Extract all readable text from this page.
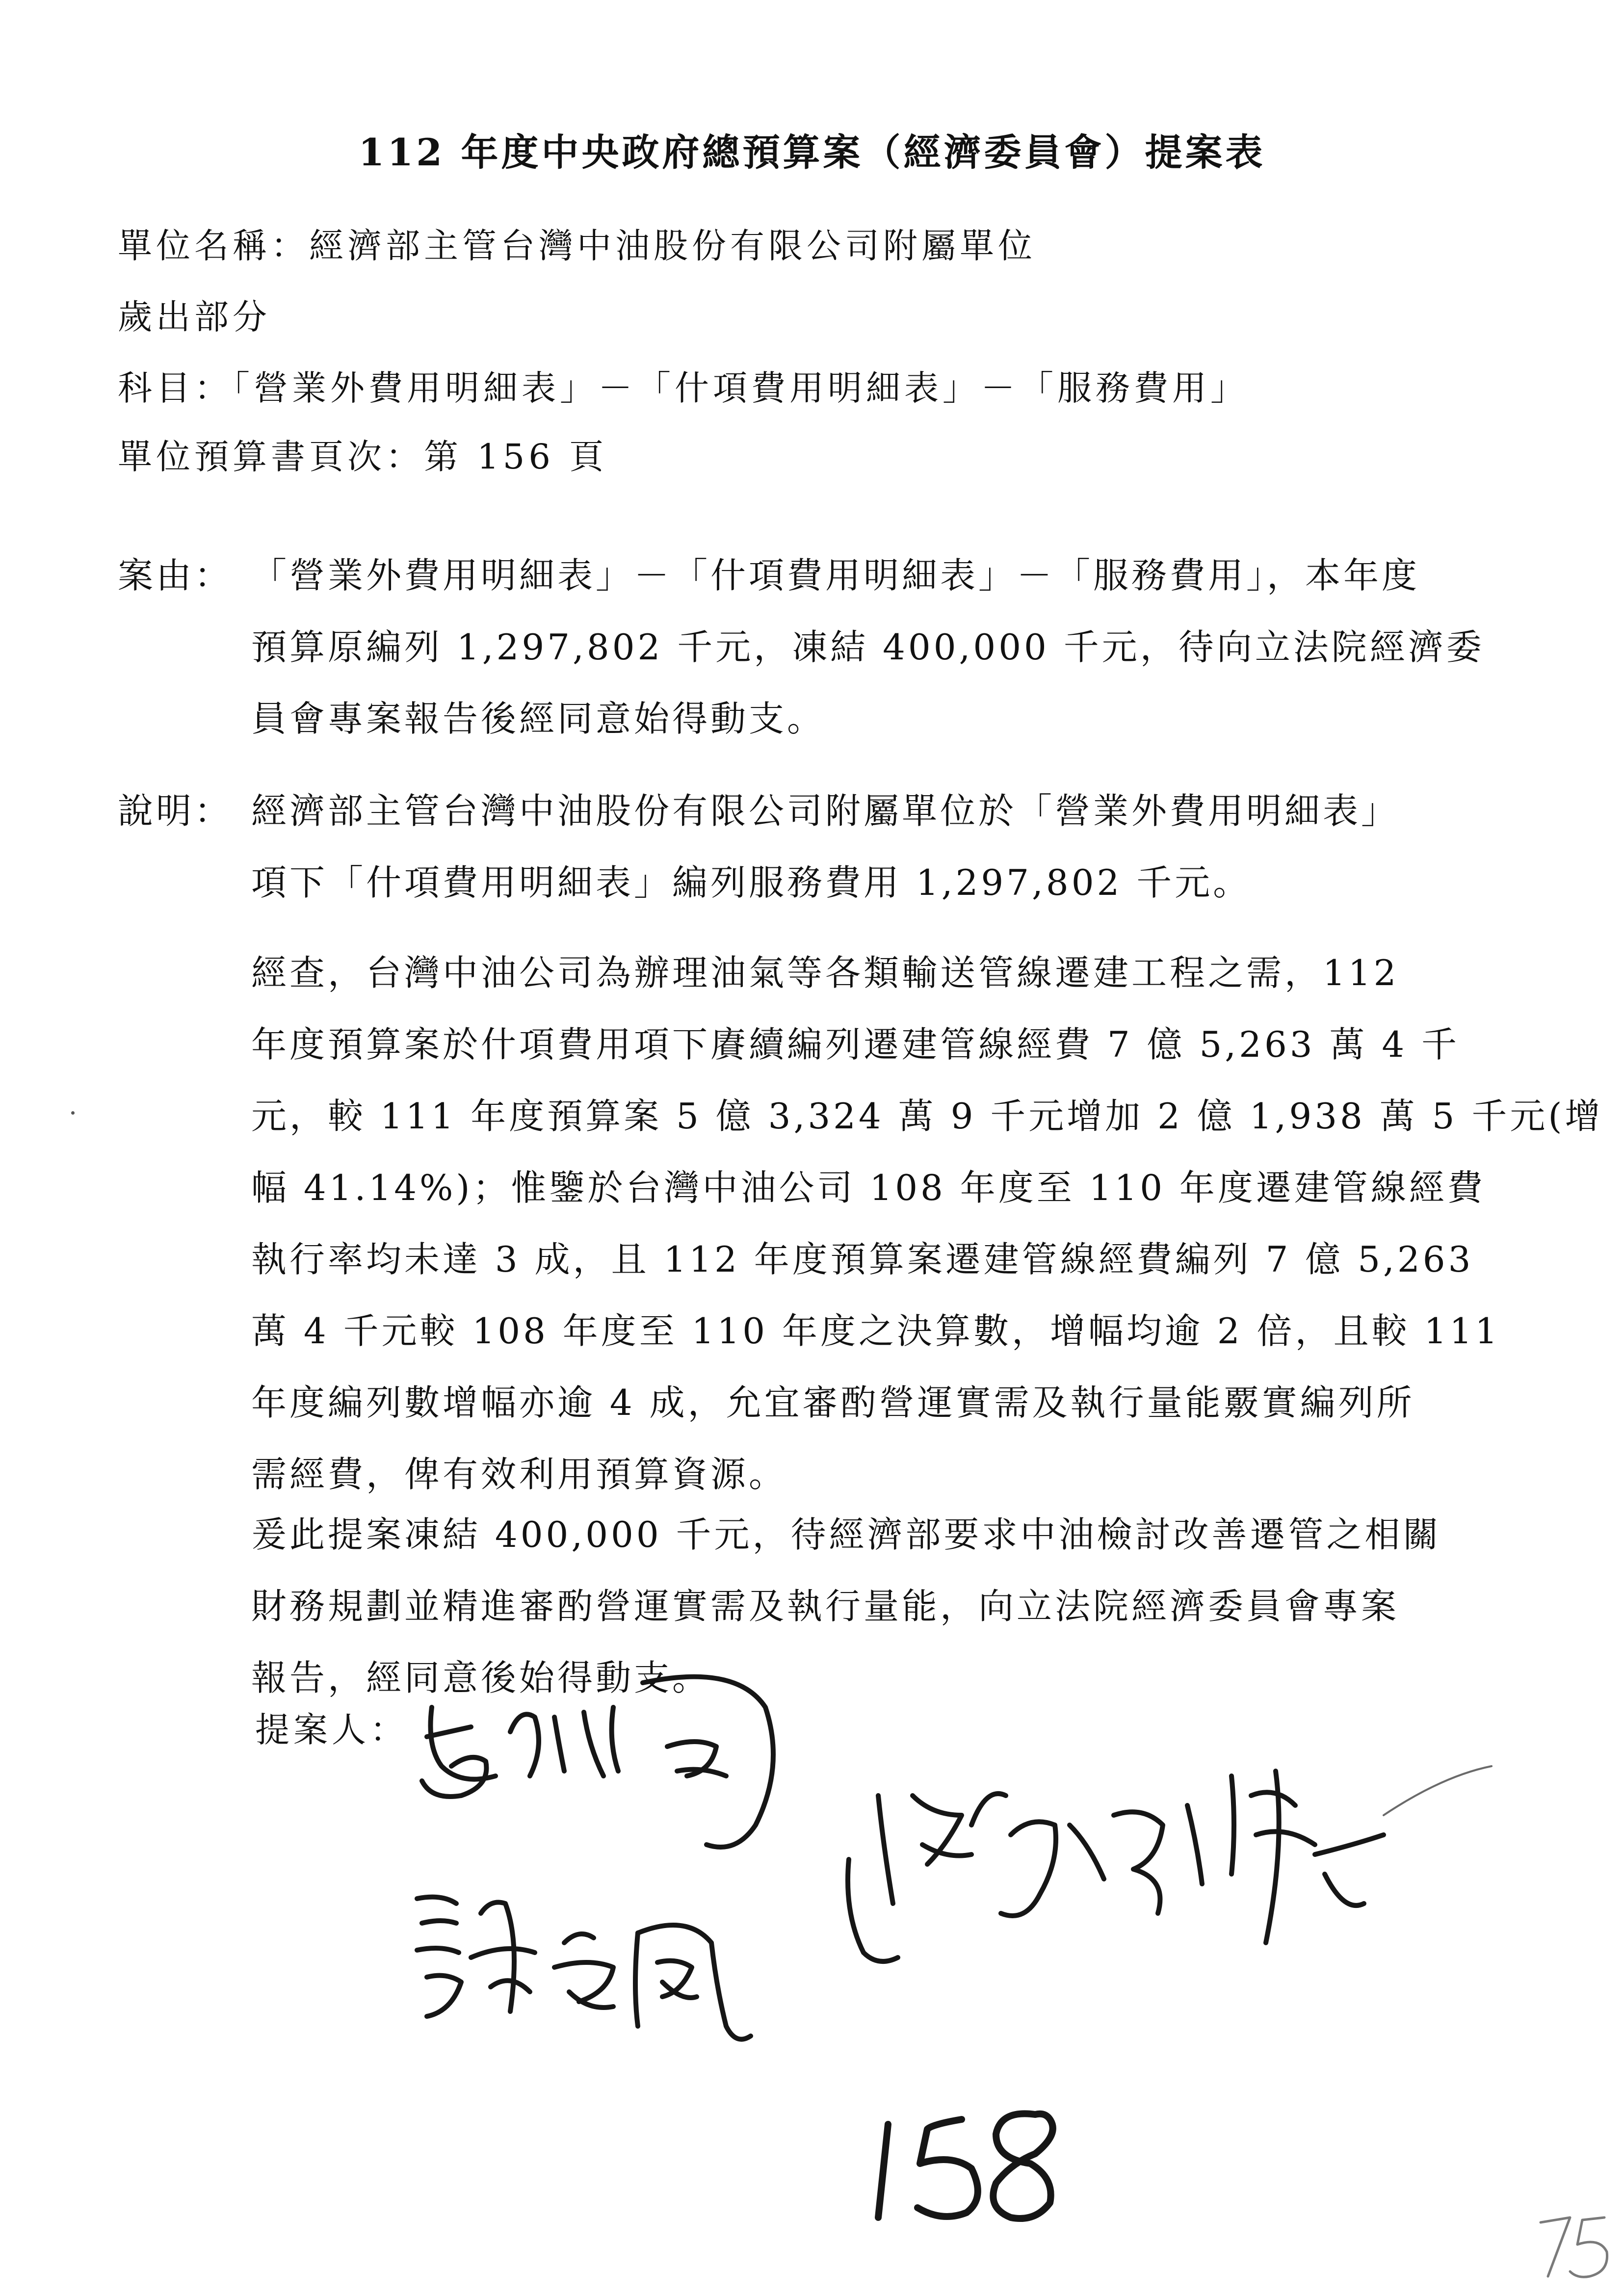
112 年度中央政府總預算案（經濟委員會）提案表
單位名稱：經濟部主管台灣中油股份有限公司附屬單位
歲出部分
科目：「營業外費用明細表」－「什項費用明細表」－「服務費用」
單位預算書頁次：第 156 頁
案由： 「營業外費用明細表」－「什項費用明細表」－「服務費用」，本年度
預算原編列 1,297,802 千元，凍結 400,000 千元，待向立法院經濟委
員會專案報告後經同意始得動支。
說明： 經濟部主管台灣中油股份有限公司附屬單位於「營業外費用明細表」
項下「什項費用明細表」編列服務費用 1,297,802 千元。
經查，台灣中油公司為辦理油氣等各類輸送管線遷建工程之需，112
年度預算案於什項費用項下賡續編列遷建管線經費 7 億 5,263 萬 4 千
元，較 111 年度預算案 5 億 3,324 萬 9 千元增加 2 億 1,938 萬 5 千元(增
幅 41.14%)；惟鑒於台灣中油公司 108 年度至 110 年度遷建管線經費
執行率均未達 3 成，且 112 年度預算案遷建管線經費編列 7 億 5,263
萬 4 千元較 108 年度至 110 年度之決算數，增幅均逾 2 倍，且較 111
年度編列數增幅亦逾 4 成，允宜審酌營運實需及執行量能覈實編列所
需經費，俾有效利用預算資源。
爰此提案凍結 400,000 千元，待經濟部要求中油檢討改善遷管之相關
財務規劃並精進審酌營運實需及執行量能，向立法院經濟委員會專案
報告，經同意後始得動支。
提案人：
